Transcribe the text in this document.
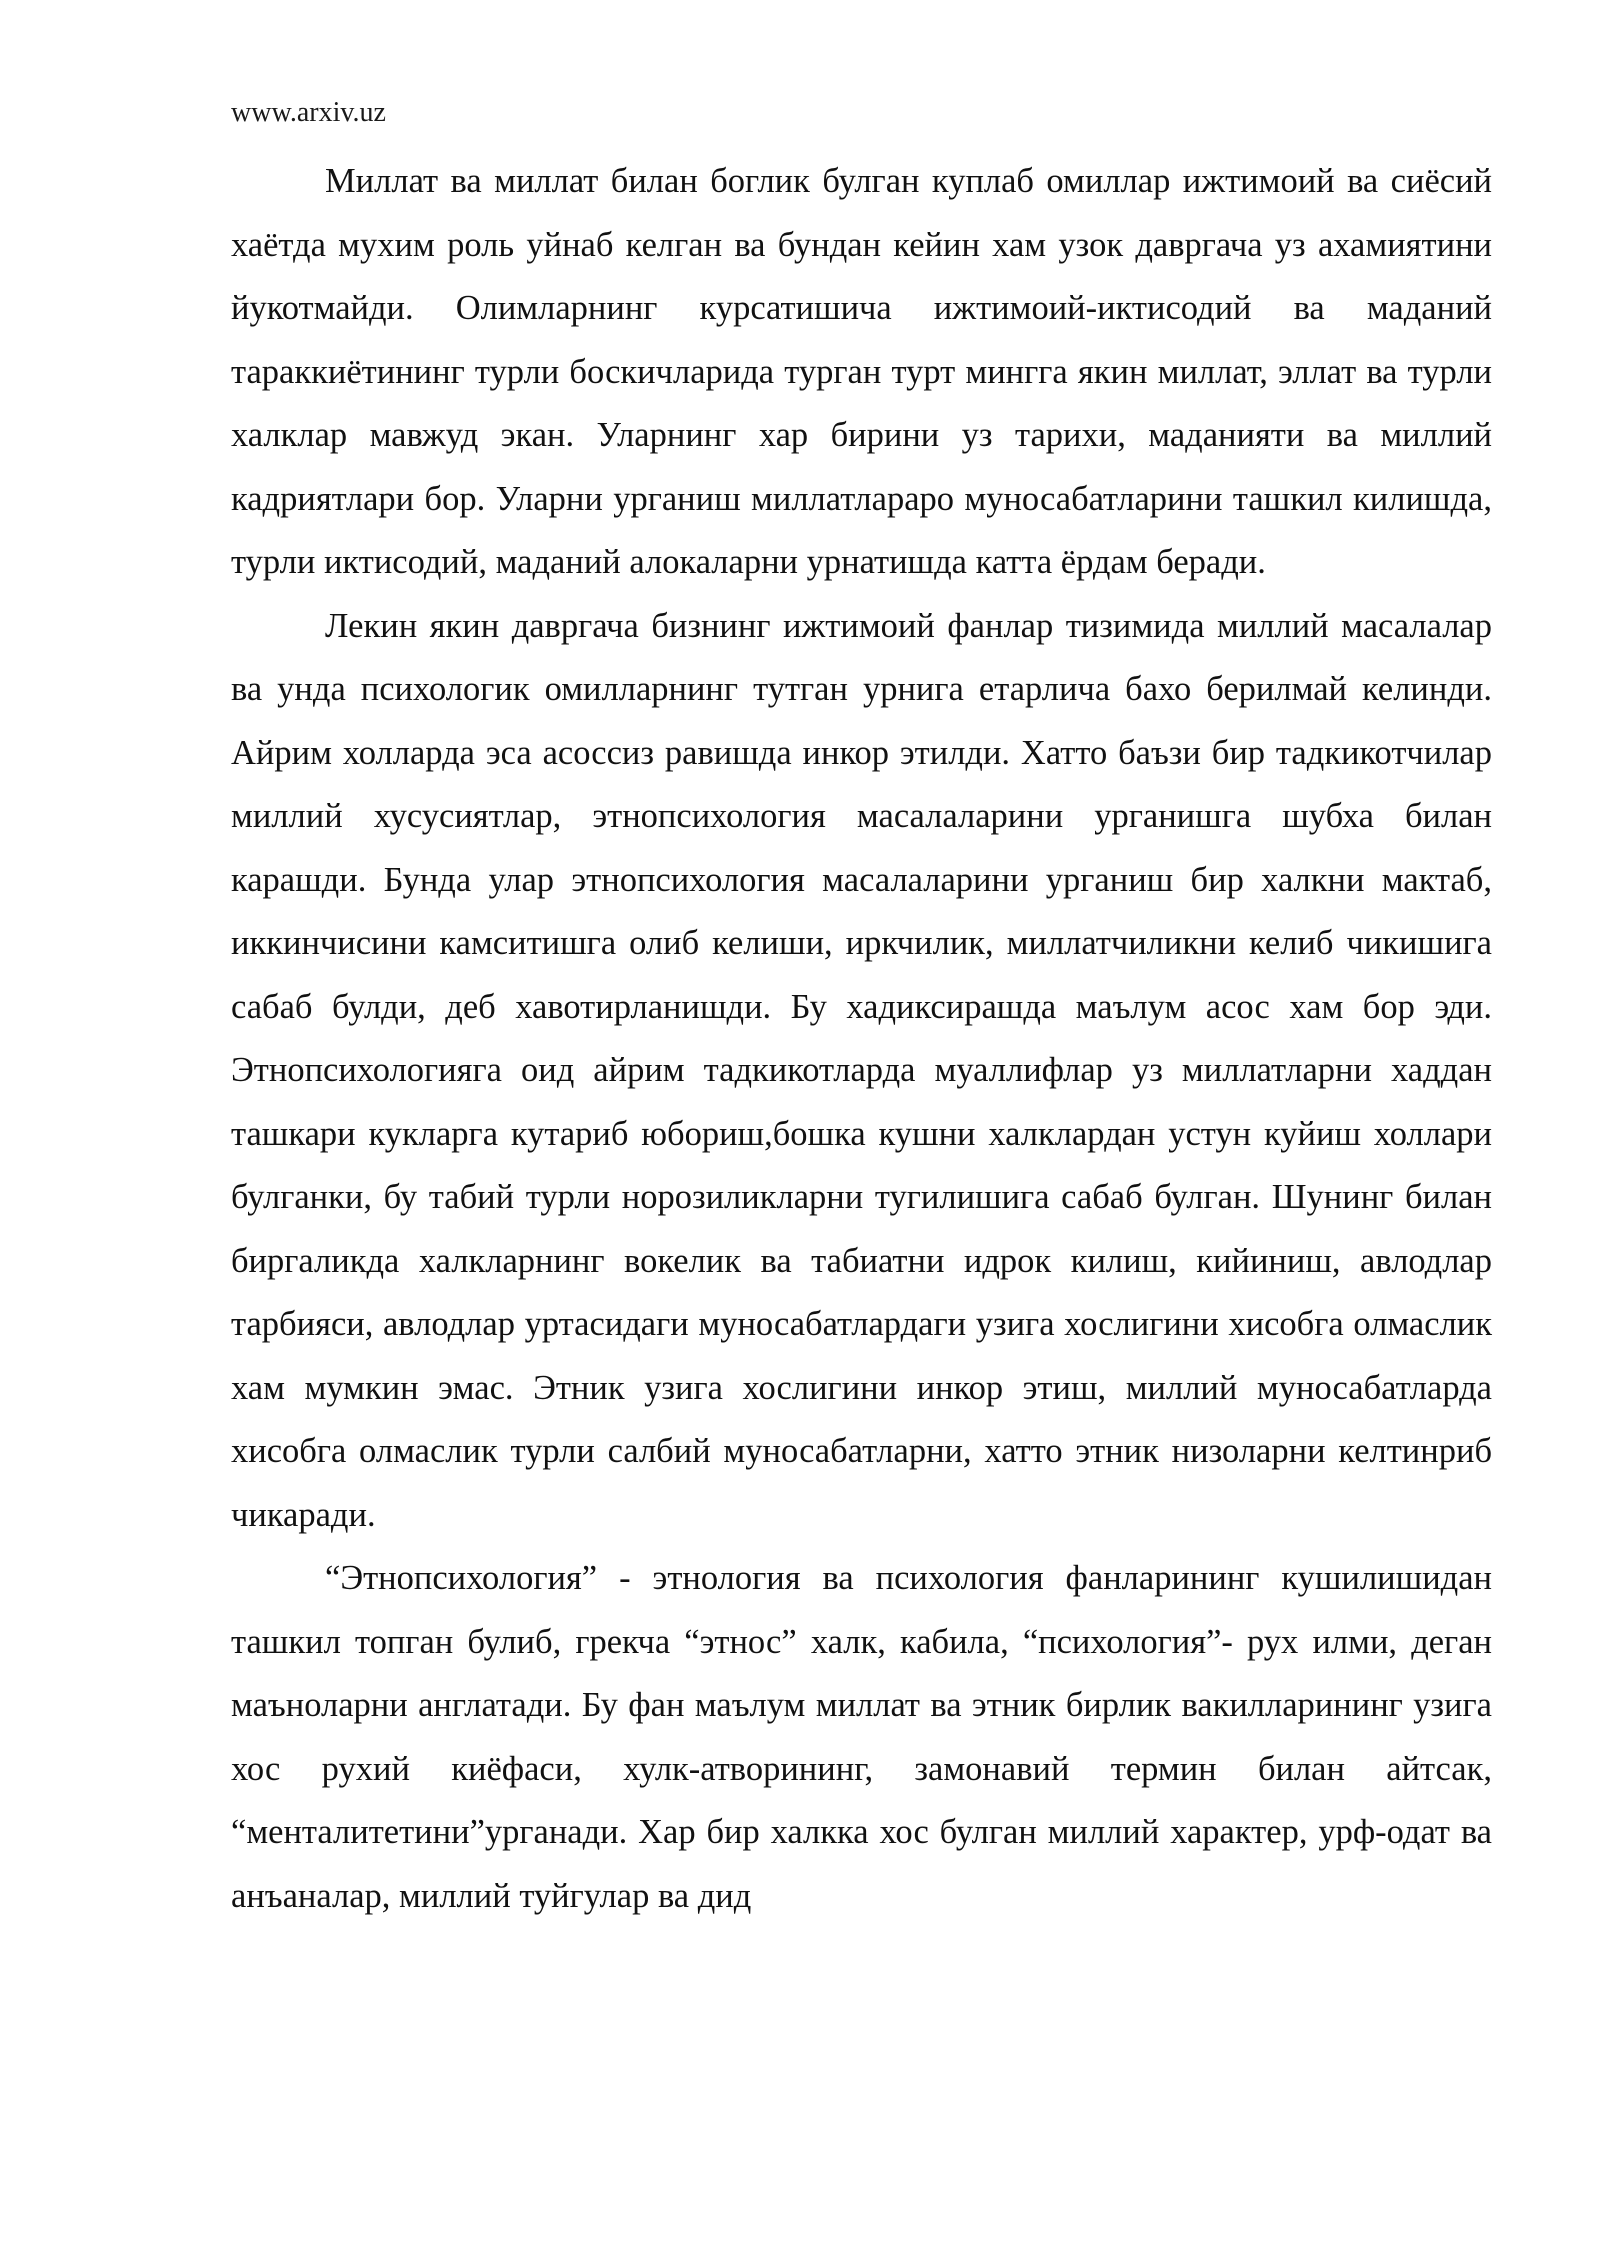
www.arxiv.uz

Миллат ва миллат билан боглик булган куплаб омиллар ижтимоий ва сиёсий хаётда мухим роль уйнаб келган ва бундан кейин хам узок давргача уз ахамиятини йукотмайди. Олимларнинг курсатишича ижтимоий-иктисодий ва маданий тараккиётининг турли боскичларида турган турт мингга якин миллат, эллат ва турли халклар мавжуд экан. Уларнинг хар бирини уз тарихи, маданияти ва миллий кадриятлари бор. Уларни урганиш миллатлараро муносабатларини ташкил килишда, турли иктисодий, маданий алокаларни урнатишда катта ёрдам беради.

Лекин якин давргача бизнинг ижтимоий фанлар тизимида миллий масалалар ва унда психологик омилларнинг тутган урнига етарлича бахо берилмай келинди. Айрим холларда эса асоссиз равишда инкор этилди. Хатто баъзи бир тадкикотчилар миллий хусусиятлар, этнопсихология масалаларини урганишга шубха билан карашди. Бунда улар этнопсихология масалаларини урганиш бир халкни мактаб, иккинчисини камситишга олиб келиши, иркчилик, миллатчиликни келиб чикишига сабаб булди, деб хавотирланишди. Бу хадиксирашда маълум асос хам бор эди. Этнопсихологияга оид айрим тадкикотларда муаллифлар уз миллатларни хаддан ташкари кукларга кутариб юбориш,бошка кушни халклардан устун куйиш холлари булганки, бу табий турли норозиликларни тугилишига сабаб булган. Шунинг билан биргаликда халкларнинг вокелик ва табиатни идрок килиш, кийиниш, авлодлар тарбияси, авлодлар уртасидаги муносабатлардаги узига хослигини хисобга олмаслик хам мумкин эмас. Этник узига хослигини инкор этиш, миллий муносабатларда хисобга олмаслик турли салбий муносабатларни, хатто этник низоларни келтинриб чикаради.

“Этнопсихология” - этнология ва психология фанларининг кушилишидан ташкил топган булиб, грекча “этнос” халк, кабила, “психология”- рух илми, деган маъноларни англатади. Бу фан маълум миллат ва этник бирлик вакилларининг узига хос рухий киёфаси, хулк-атворининг, замонавий термин билан айтсак, “менталитетини”урганади. Хар бир халкка хос булган миллий характер, урф-одат ва анъаналар, миллий туйгулар ва дид
